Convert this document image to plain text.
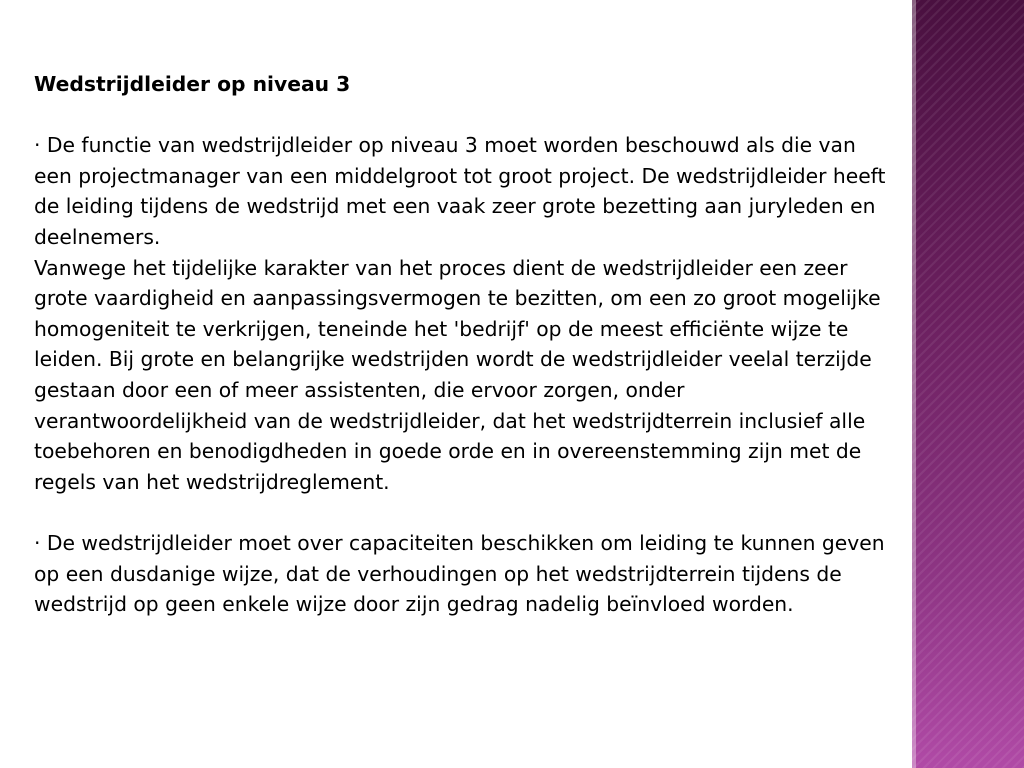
Wedstrijdleider op niveau 3

· De functie van wedstrijdleider op niveau 3 moet worden beschouwd als die van een projectmanager van een middelgroot tot groot project. De wedstrijdleider heeft de leiding tijdens de wedstrijd met een vaak zeer grote bezetting aan juryleden en deelnemers.

Vanwege het tijdelijke karakter van het proces dient de wedstrijdleider een zeer grote vaardigheid en aanpassingsvermogen te bezitten, om een zo groot mogelijke homogeniteit te verkrijgen, teneinde het 'bedrijf' op de meest efficiënte wijze te leiden. Bij grote en belangrijke wedstrijden wordt de wedstrijdleider veelal terzijde gestaan door een of meer assistenten, die ervoor zorgen, onder verantwoordelijkheid van de wedstrijdleider, dat het wedstrijdterrein inclusief alle toebehoren en benodigdheden in goede orde en in overeenstemming zijn met de regels van het wedstrijdreglement.

· De wedstrijdleider moet over capaciteiten beschikken om leiding te kunnen geven op een dusdanige wijze, dat de verhoudingen op het wedstrijdterrein tijdens de wedstrijd op geen enkele wijze door zijn gedrag nadelig beïnvloed worden.
